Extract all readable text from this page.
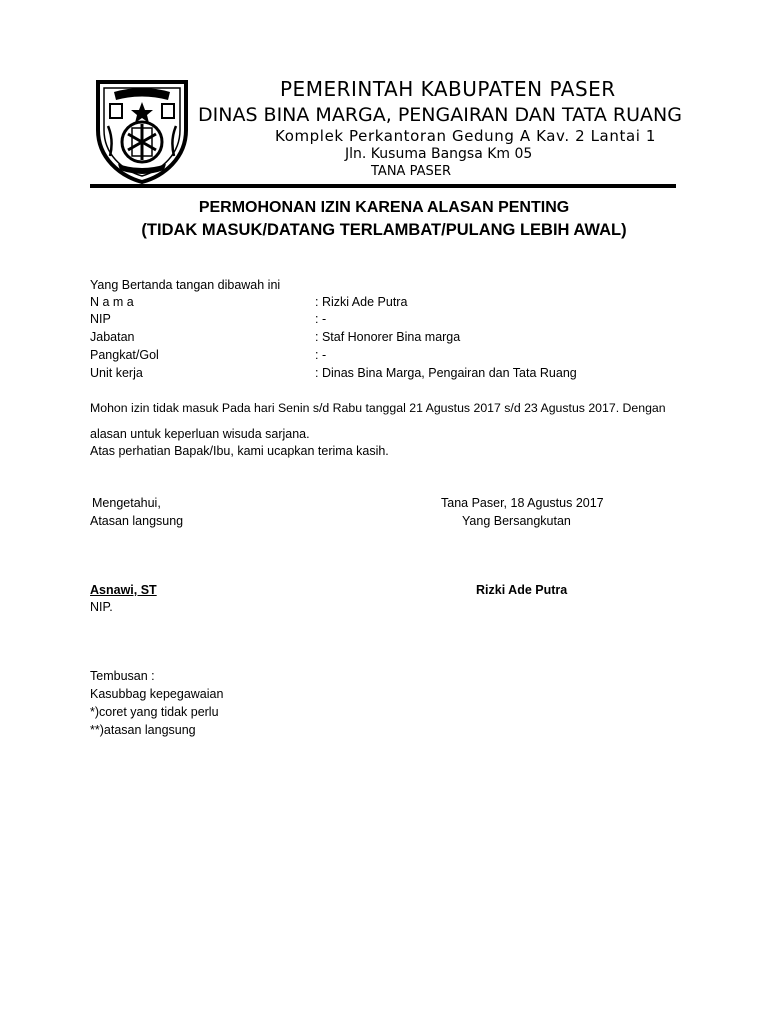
PEMERINTAH KABUPATEN PASER
DINAS BINA MARGA, PENGAIRAN DAN TATA RUANG
Komplek Perkantoran Gedung A Kav. 2 Lantai 1
Jln. Kusuma Bangsa Km 05
TANA PASER
PERMOHONAN IZIN KARENA ALASAN PENTING
(TIDAK MASUK/DATANG TERLAMBAT/PULANG LEBIH AWAL)
Yang Bertanda tangan dibawah ini
N a m a	: Rizki Ade Putra
NIP	: -
Jabatan	: Staf Honorer Bina marga
Pangkat/Gol	: -
Unit kerja	: Dinas Bina Marga, Pengairan dan Tata Ruang
Mohon izin tidak masuk Pada hari Senin s/d Rabu tanggal 21 Agustus 2017 s/d 23 Agustus 2017. Dengan
alasan untuk keperluan wisuda sarjana.
Atas perhatian Bapak/Ibu, kami ucapkan terima kasih.
Mengetahui,
Atasan langsung
Tana Paser, 18 Agustus 2017
Yang Bersangkutan
Asnawi, ST
NIP.
Rizki Ade Putra
Tembusan :
Kasubbag kepegawaian
*)coret yang tidak perlu
**)atasan langsung
